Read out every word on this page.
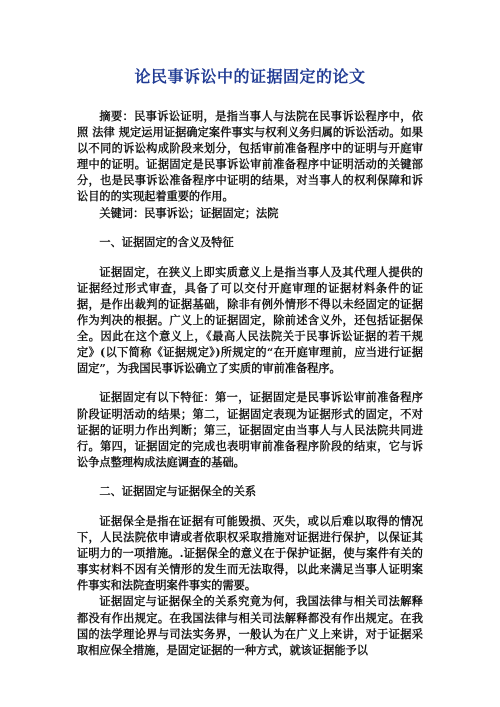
论民事诉讼中的证据固定的论文

摘要：民事诉讼证明，是指当事人与法院在民事诉讼程序中，依照 法律 规定运用证据确定案件事实与权利义务归属的诉讼活动。如果以不同的诉讼构成阶段来划分，包括审前准备程序中的证明与开庭审理中的证明。证据固定是民事诉讼审前准备程序中证明活动的关键部分，也是民事诉讼准备程序中证明的结果，对当事人的权利保障和诉讼目的的实现起着重要的作用。

关键词：民事诉讼；证据固定；法院

一、证据固定的含义及特征

证据固定，在狭义上即实质意义上是指当事人及其代理人提供的证据经过形式审查，具备了可以交付开庭审理的证据材料条件的证据，是作出裁判的证据基础，除非有例外情形不得以未经固定的证据作为判决的根据。广义上的证据固定，除前述含义外，还包括证据保全。因此在这个意义上，《最高人民法院关于民事诉讼证据的若干规定》(以下简称《证据规定》)所规定的“在开庭审理前，应当进行证据固定”，为我国民事诉讼确立了实质的审前准备程序。

证据固定有以下特征：第一，证据固定是民事诉讼审前准备程序阶段证明活动的结果；第二，证据固定表现为证据形式的固定，不对证据的证明力作出判断；第三，证据固定由当事人与人民法院共同进行。第四，证据固定的完成也表明审前准备程序阶段的结束，它与诉讼争点整理构成法庭调查的基础。

二、证据固定与证据保全的关系

证据保全是指在证据有可能毁损、灭失，或以后难以取得的情况下，人民法院依申请或者依职权采取措施对证据进行保护，以保证其证明力的一项措施。.证据保全的意义在于保护证据，使与案件有关的事实材料不因有关情形的发生而无法取得，以此来满足当事人证明案件事实和法院查明案件事实的需要。

证据固定与证据保全的关系究竟为何，我国法律与相关司法解释都没有作出规定。在我国法律与相关司法解释都没有作出规定。在我国的法学理论界与司法实务界，一般认为在广义上来讲，对于证据采取相应保全措施，是固定证据的一种方式，就该证据能予以
